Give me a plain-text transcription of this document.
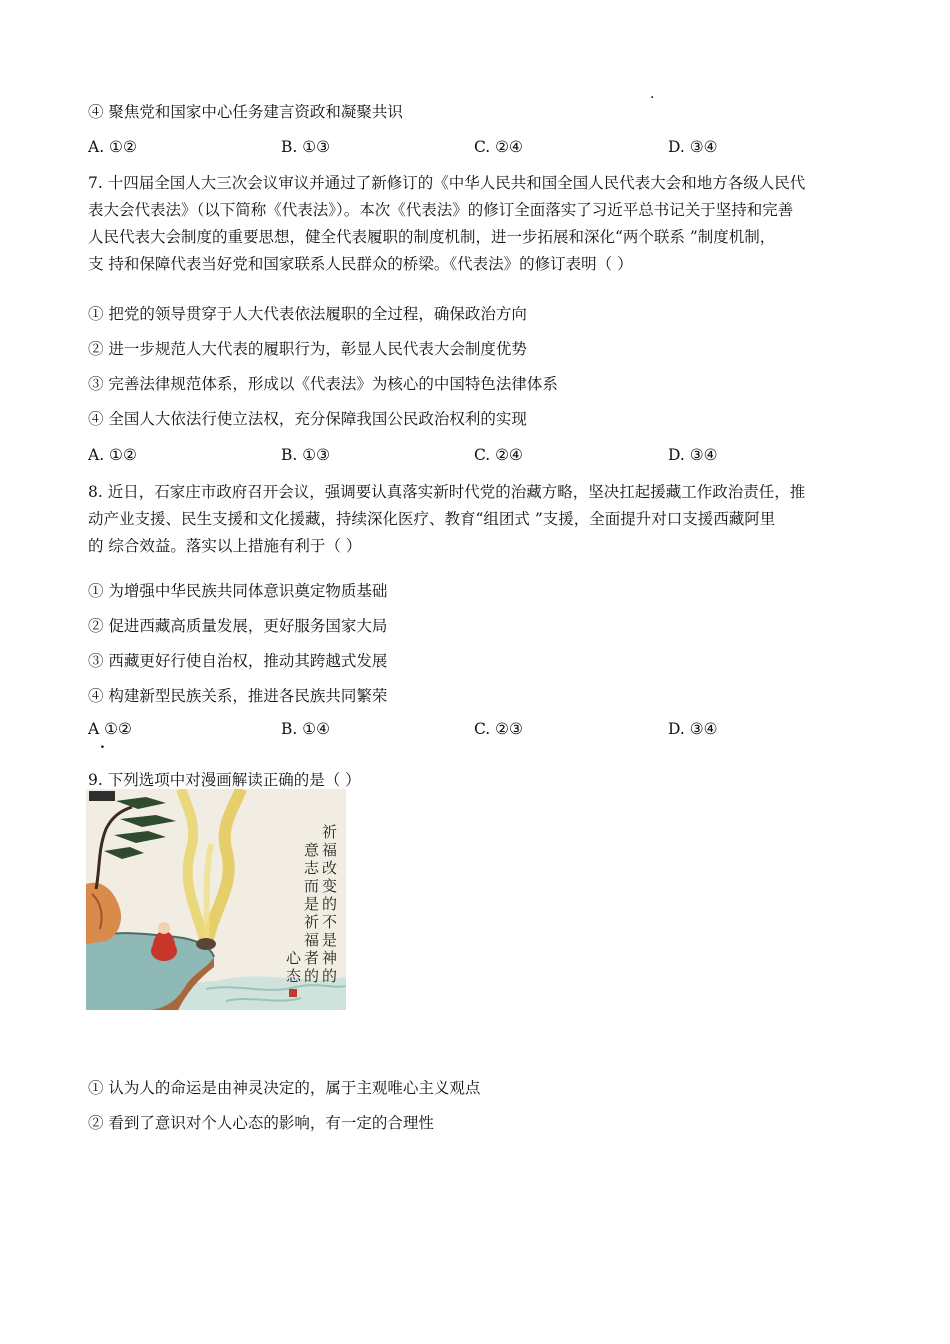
.
④ 聚焦党和国家中心任务建言资政和凝聚共识
A. ①②	B. ①③	C. ②④	D. ③④
7. 十四届全国人大三次会议审议并通过了新修订的《中华人民共和国全国人民代表大会和地方各级人民代
表大会代表法》（以下简称《代表法》）。本次《代表法》的修订全面落实了习近平总书记关于坚持和完善
人民代表大会制度的重要思想，健全代表履职的制度机制，进一步拓展和深化“两个联系 ”制度机制，
支 持和保障代表当好党和国家联系人民群众的桥梁。《代表法》的修订表明（ ）
① 把党的领导贯穿于人大代表依法履职的全过程，确保政治方向
② 进一步规范人大代表的履职行为，彰显人民代表大会制度优势
③ 完善法律规范体系，形成以《代表法》为核心的中国特色法律体系
④ 全国人大依法行使立法权，充分保障我国公民政治权利的实现
A. ①②	B. ①③	C. ②④	D. ③④
8. 近日，石家庄市政府召开会议，强调要认真落实新时代党的治藏方略，坚决扛起援藏工作政治责任，推
动产业支援、民生支援和文化援藏，持续深化医疗、教育“组团式 ”支援，全面提升对口支援西藏阿里
的 综合效益。落实以上措施有利于（ ）
① 为增强中华民族共同体意识奠定物质基础
② 促进西藏高质量发展，更好服务国家大局
③ 西藏更好行使自治权，推动其跨越式发展
④ 构建新型民族关系，推进各民族共同繁荣
A ①②	B. ①④	C. ②③	D. ③④
.
9. 下列选项中对漫画解读正确的是（ ）
祈
福
改
变
的
不
是
神
的
意
志
而
是
祈
福
者
的
心
态
① 认为人的命运是由神灵决定的，属于主观唯心主义观点
② 看到了意识对个人心态的影响，有一定的合理性
